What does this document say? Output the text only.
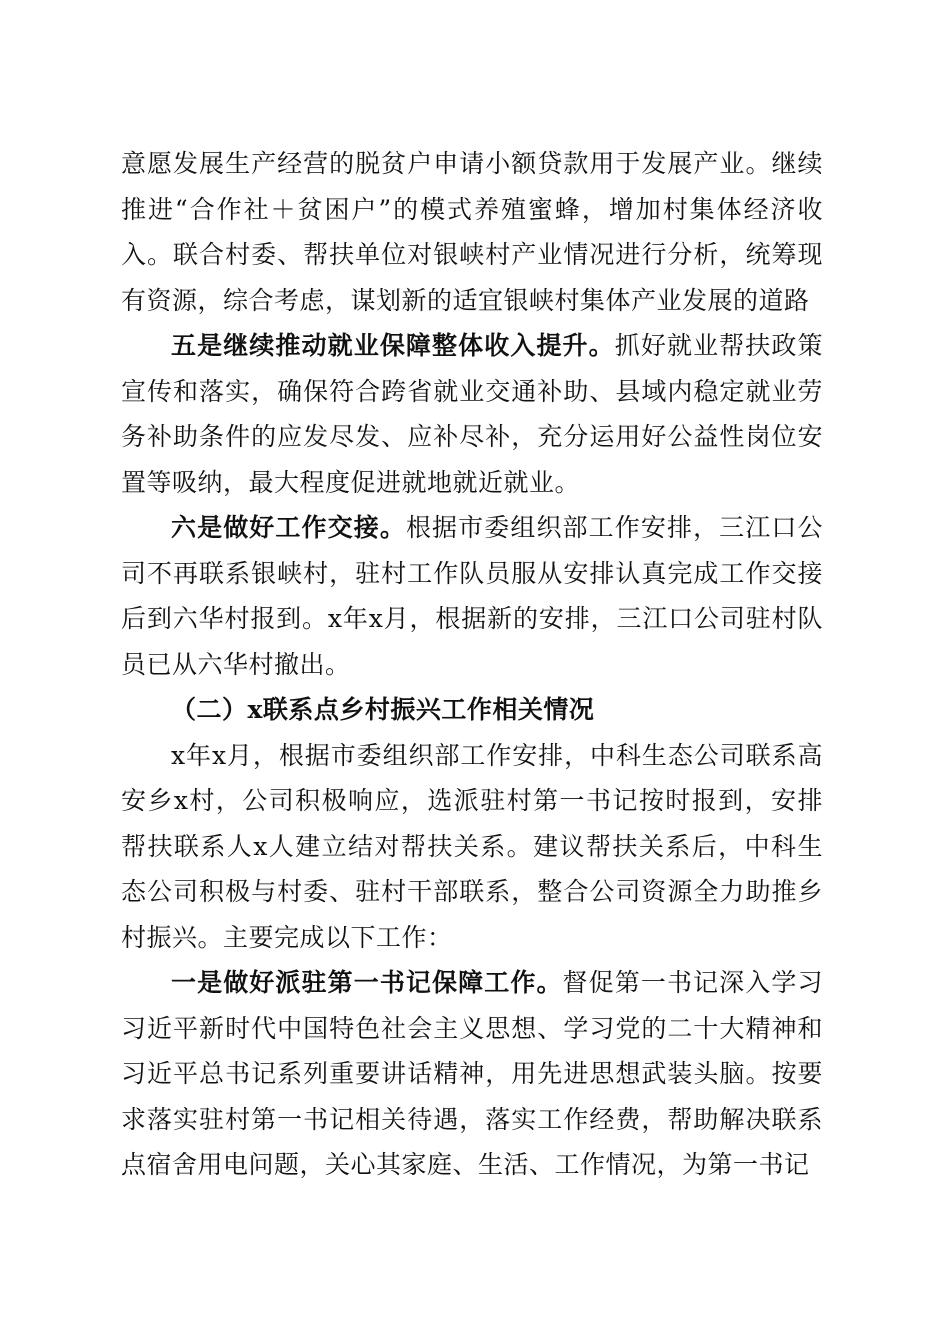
意愿发展生产经营的脱贫户申请小额贷款用于发展产业。继续推进“合作社＋贫困户”的模式养殖蜜蜂，增加村集体经济收入。联合村委、帮扶单位对银峡村产业情况进行分析，统筹现有资源，综合考虑，谋划新的适宜银峡村集体产业发展的道路

五是继续推动就业保障整体收入提升。抓好就业帮扶政策宣传和落实，确保符合跨省就业交通补助、县域内稳定就业劳务补助条件的应发尽发、应补尽补，充分运用好公益性岗位安置等吸纳，最大程度促进就地就近就业。

六是做好工作交接。根据市委组织部工作安排，三江口公司不再联系银峡村，驻村工作队员服从安排认真完成工作交接后到六华村报到。x年x月，根据新的安排，三江口公司驻村队员已从六华村撤出。

（二）x联系点乡村振兴工作相关情况

x年x月，根据市委组织部工作安排，中科生态公司联系高安乡x村，公司积极响应，选派驻村第一书记按时报到，安排帮扶联系人x人建立结对帮扶关系。建议帮扶关系后，中科生态公司积极与村委、驻村干部联系，整合公司资源全力助推乡村振兴。主要完成以下工作：

一是做好派驻第一书记保障工作。督促第一书记深入学习习近平新时代中国特色社会主义思想、学习党的二十大精神和习近平总书记系列重要讲话精神，用先进思想武装头脑。按要求落实驻村第一书记相关待遇，落实工作经费，帮助解决联系点宿舍用电问题，关心其家庭、生活、工作情况，为第一书记
